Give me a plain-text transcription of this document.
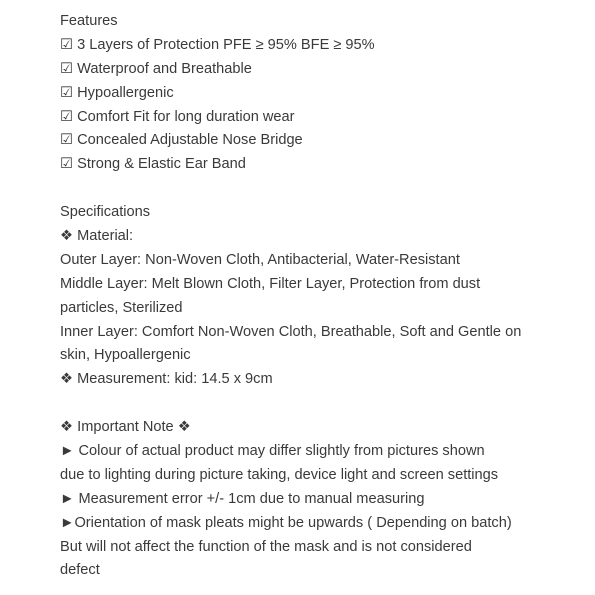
Features
☑ 3 Layers of Protection PFE ≥ 95% BFE ≥ 95%
☑ Waterproof and Breathable
☑ Hypoallergenic
☑ Comfort Fit for long duration wear
☑ Concealed Adjustable Nose Bridge
☑ Strong & Elastic Ear Band
Specifications
❖ Material:
Outer Layer: Non-Woven Cloth, Antibacterial, Water-Resistant
Middle Layer: Melt Blown Cloth, Filter Layer, Protection from dust
particles, Sterilized
Inner Layer: Comfort Non-Woven Cloth, Breathable, Soft and Gentle on
skin, Hypoallergenic
❖ Measurement: kid: 14.5 x 9cm
❖ Important Note ❖
► Colour of actual product may differ slightly from pictures shown
due to lighting during picture taking, device light and screen settings
► Measurement error +/- 1cm due to manual measuring
►Orientation of mask pleats might be upwards ( Depending on batch)
But will not affect the function of the mask and is not considered
defect
